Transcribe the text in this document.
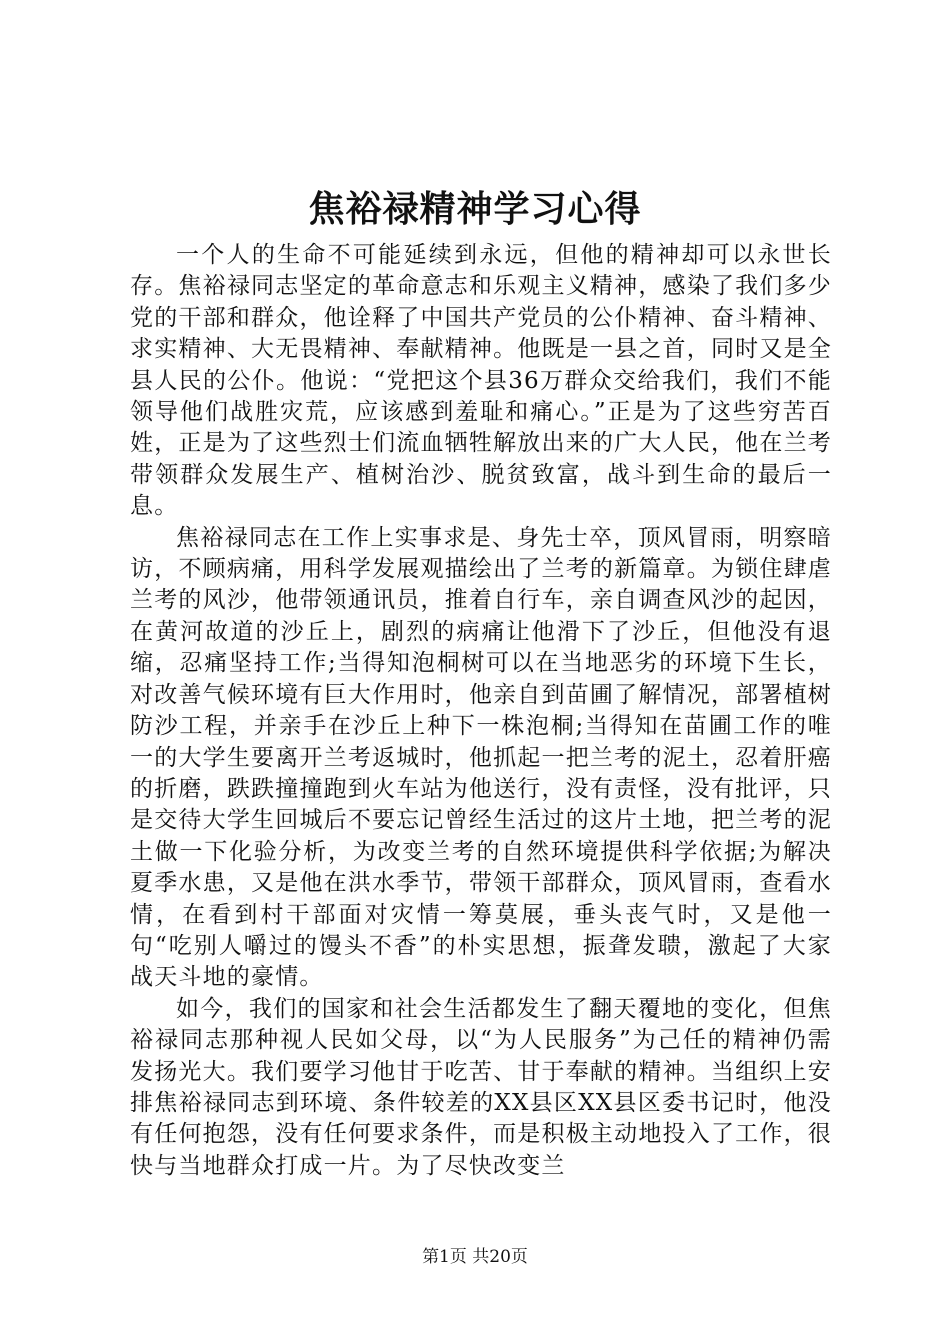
焦裕禄精神学习心得

一个人的生命不可能延续到永远，但他的精神却可以永世长存。焦裕禄同志坚定的革命意志和乐观主义精神，感染了我们多少党的干部和群众，他诠释了中国共产党员的公仆精神、奋斗精神、求实精神、大无畏精神、奉献精神。他既是一县之首，同时又是全县人民的公仆。他说：“党把这个县36万群众交给我们，我们不能领导他们战胜灾荒，应该感到羞耻和痛心。”正是为了这些穷苦百姓，正是为了这些烈士们流血牺牲解放出来的广大人民，他在兰考带领群众发展生产、植树治沙、脱贫致富，战斗到生命的最后一息。

焦裕禄同志在工作上实事求是、身先士卒，顶风冒雨，明察暗访，不顾病痛，用科学发展观描绘出了兰考的新篇章。为锁住肆虐兰考的风沙，他带领通讯员，推着自行车，亲自调查风沙的起因，在黄河故道的沙丘上，剧烈的病痛让他滑下了沙丘，但他没有退缩，忍痛坚持工作;当得知泡桐树可以在当地恶劣的环境下生长，对改善气候环境有巨大作用时，他亲自到苗圃了解情况，部署植树防沙工程，并亲手在沙丘上种下一株泡桐;当得知在苗圃工作的唯一的大学生要离开兰考返城时，他抓起一把兰考的泥土，忍着肝癌的折磨，跌跌撞撞跑到火车站为他送行，没有责怪，没有批评，只是交待大学生回城后不要忘记曾经生活过的这片土地，把兰考的泥土做一下化验分析，为改变兰考的自然环境提供科学依据;为解决夏季水患，又是他在洪水季节，带领干部群众，顶风冒雨，查看水情，在看到村干部面对灾情一筹莫展，垂头丧气时，又是他一句“吃别人嚼过的馒头不香”的朴实思想，振聋发聩，激起了大家战天斗地的豪情。

如今，我们的国家和社会生活都发生了翻天覆地的变化，但焦裕禄同志那种视人民如父母，以“为人民服务”为己任的精神仍需发扬光大。我们要学习他甘于吃苦、甘于奉献的精神。当组织上安排焦裕禄同志到环境、条件较差的XX县区XX县区委书记时，他没有任何抱怨，没有任何要求条件，而是积极主动地投入了工作，很快与当地群众打成一片。为了尽快改变兰

第1页 共20页
